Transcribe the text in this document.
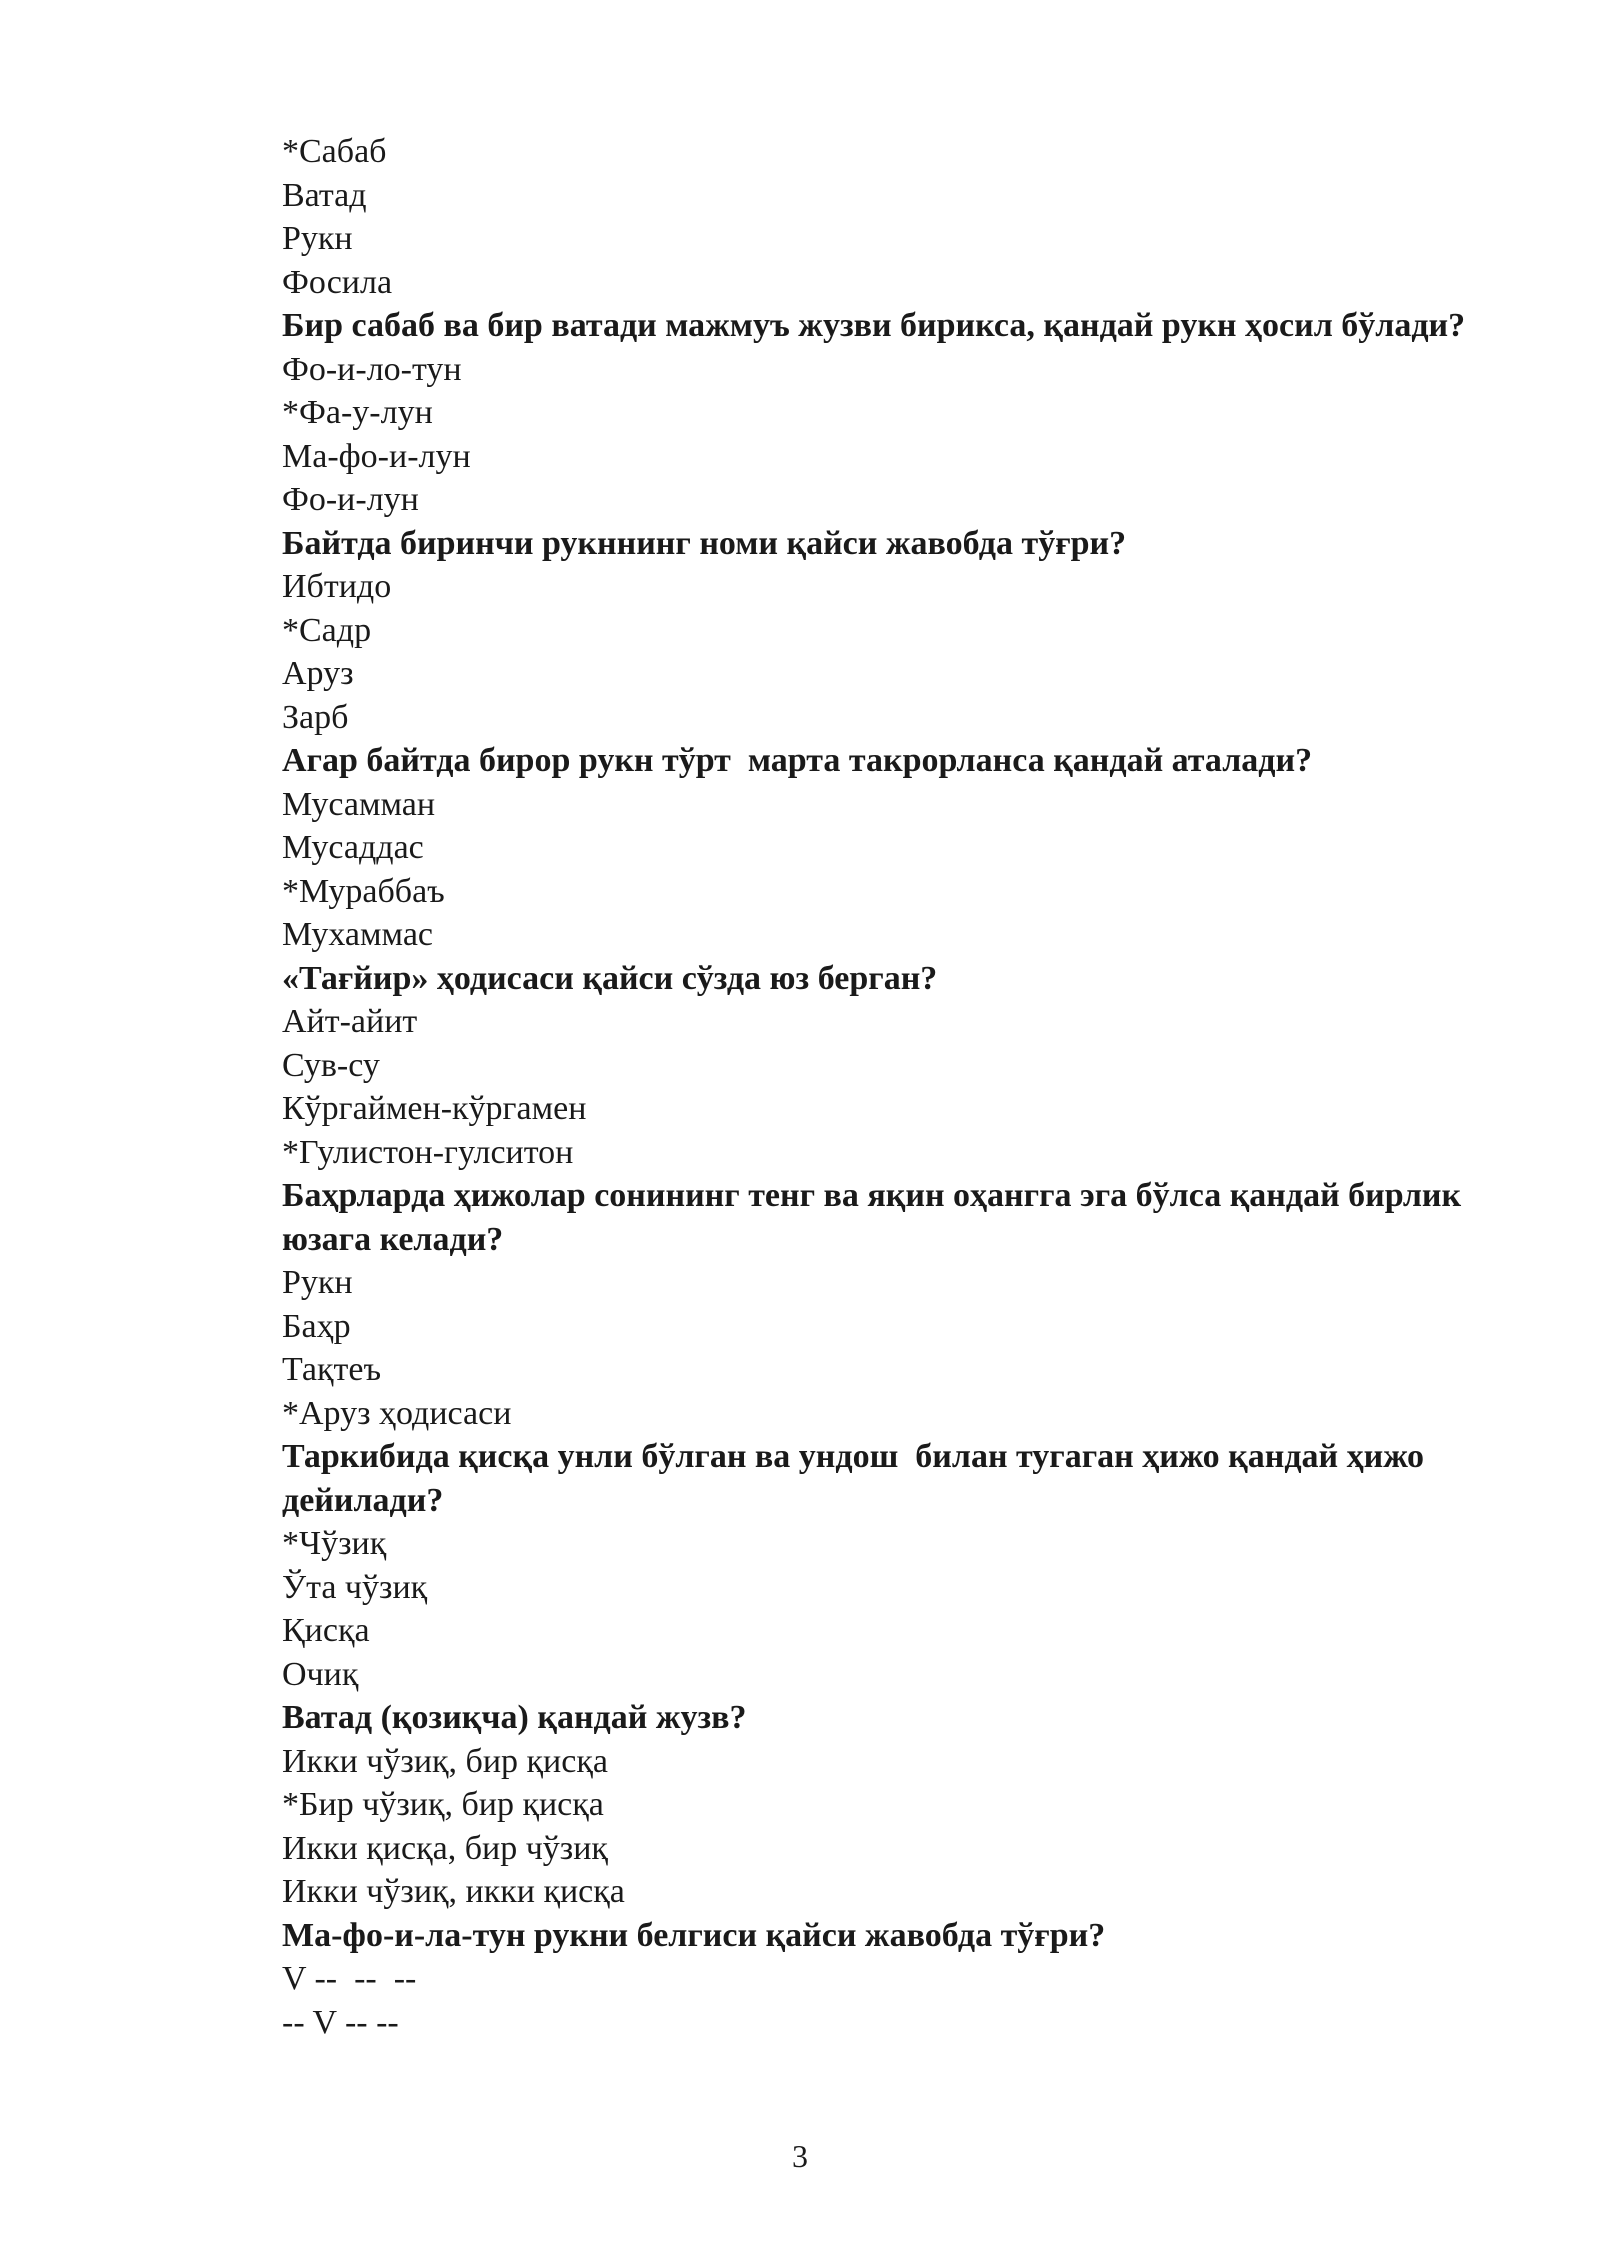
*Сабаб
Ватад
Рукн
Фосила
Бир сабаб ва бир ватади мажмуъ жузви бирикса, қандай рукн ҳосил бўлади?
Фо-и-ло-тун
*Фа-у-лун
Ма-фо-и-лун
Фо-и-лун
Байтда биринчи рукннинг номи қайси жавобда тўғри?
Ибтидо
*Садр
Аруз
Зарб
Агар байтда бирор рукн тўрт  марта такрорланса қандай аталади?
Мусамман
Мусаддас
*Мураббаъ
Мухаммас
«Тағйир» ҳодисаси қайси сўзда юз берган?
Айт-айит
Сув-су
Кўргаймен-кўргамен
*Гулистон-гулситон
Баҳрларда ҳижолар сонининг тенг ва яқин оҳангга эга бўлса қандай бирлик юзага келади?
Рукн
Баҳр
Тақтеъ
*Аруз ҳодисаси
Таркибида қисқа унли бўлган ва ундош  билан тугаган ҳижо қандай ҳижо дейилади?
*Чўзиқ
Ўта чўзиқ
Қисқа
Очиқ
Ватад (қозиқча) қандай жузв?
Икки чўзиқ, бир қисқа
*Бир чўзиқ, бир қисқа
Икки қисқа, бир чўзиқ
Икки чўзиқ, икки қисқа
Ма-фо-и-ла-тун рукни белгиси қайси жавобда тўғри?
V --  --  --
-- V -- --
3
